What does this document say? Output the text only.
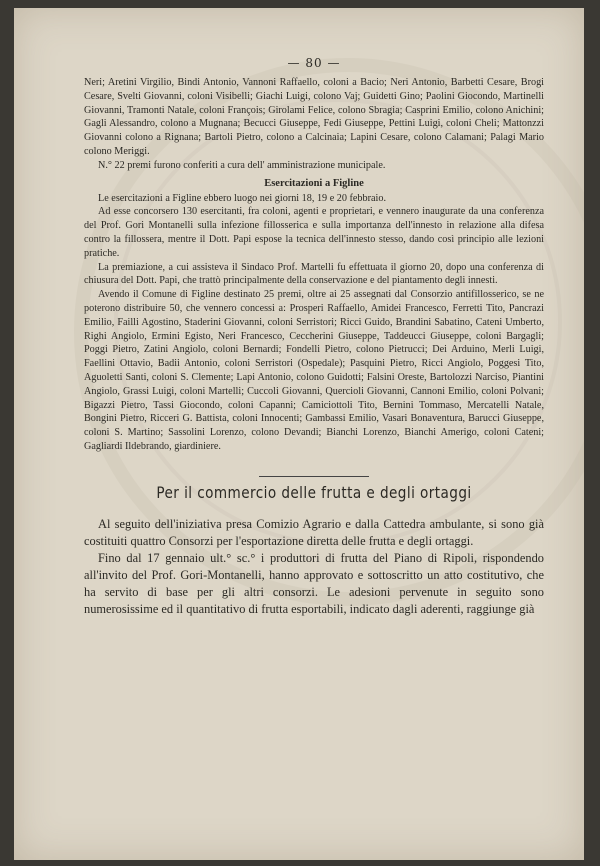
— 80 —

Neri; Aretini Virgilio, Bindi Antonio, Vannoni Raffaello, coloni a Bacio; Neri Antonio, Barbetti Cesare, Brogi Cesare, Svelti Giovanni, coloni Visibelli; Giachi Luigi, colono Vaj; Guidetti Gino; Paolini Giocondo, Martinelli Giovanni, Tramonti Natale, coloni François; Girolami Felice, colono Sbragia; Casprini Emilio, colono Anichini; Gagli Alessandro, colono a Mugnana; Becucci Giuseppe, Fedi Giuseppe, Pettini Luigi, coloni Cheli; Mattonzzi Giovanni colono a Rignana; Bartoli Pietro, colono a Calcinaia; Lapini Cesare, colono Calamani; Palagi Mario colono Meriggi.

N.° 22 premi furono conferiti a cura dell' amministrazione municipale.

Esercitazioni a Figline

Le esercitazioni a Figline ebbero luogo nei giorni 18, 19 e 20 febbraio.

Ad esse concorsero 130 esercitanti, fra coloni, agenti e proprietari, e vennero inaugurate da una conferenza del Prof. Gori Montanelli sulla infezione fillosserica e sulla importanza dell'innesto in relazione alla difesa contro la fillossera, mentre il Dott. Papi espose la tecnica dell'innesto stesso, dando così principio alle lezioni pratiche.

La premiazione, a cui assisteva il Sindaco Prof. Martelli fu effettuata il giorno 20, dopo una conferenza di chiusura del Dott. Papi, che trattò principalmente della conservazione e del piantamento degli innesti.

Avendo il Comune di Figline destinato 25 premi, oltre ai 25 assegnati dal Consorzio antifillosserico, se ne poterono distribuire 50, che vennero concessi a: Prosperi Raffaello, Amidei Francesco, Ferretti Tito, Pancrazi Emilio, Failli Agostino, Staderini Giovanni, coloni Serristori; Ricci Guido, Brandini Sabatino, Cateni Umberto, Righi Angiolo, Ermini Egisto, Neri Francesco, Ceccherini Giuseppe, Taddeucci Giuseppe, coloni Bargagli; Poggi Pietro, Zatini Angiolo, coloni Bernardi; Fondelli Pietro, colono Pietrucci; Dei Arduino, Merli Luigi, Faellini Ottavio, Badii Antonio, coloni Serristori (Ospedale); Pasquini Pietro, Ricci Angiolo, Poggesi Tito, Aguoletti Santi, coloni S. Clemente; Lapi Antonio, colono Guidotti; Falsini Oreste, Bartolozzi Narciso, Piantini Angiolo, Grassi Luigi, coloni Martelli; Cuccoli Giovanni, Quercioli Giovanni, Cannoni Emilio, coloni Polvani; Bigazzi Pietro, Tassi Giocondo, coloni Capanni; Camiciottoli Tito, Bernini Tommaso, Mercatelli Natale, Bongini Pietro, Ricceri G. Battista, coloni Innocenti; Gambassi Emilio, Vasari Bonaventura, Barucci Giuseppe, coloni S. Martino; Sassolini Lorenzo, colono Devandi; Bianchi Lorenzo, Bianchi Amerigo, coloni Cateni; Gagliardi Ildebrando, giardiniere.

Per il commercio delle frutta e degli ortaggi

Al seguito dell'iniziativa presa Comizio Agrario e dalla Cattedra ambulante, si sono già costituiti quattro Consorzi per l'esportazione diretta delle frutta e degli ortaggi.

Fino dal 17 gennaio ult.° sc.° i produttori di frutta del Piano di Ripoli, rispondendo all'invito del Prof. Gori-Montanelli, hanno approvato e sottoscritto un atto costitutivo, che ha servito di base per gli altri consorzi. Le adesioni pervenute in seguito sono numerosissime ed il quantitativo di frutta esportabili, indicato dagli aderenti, raggiunge già
